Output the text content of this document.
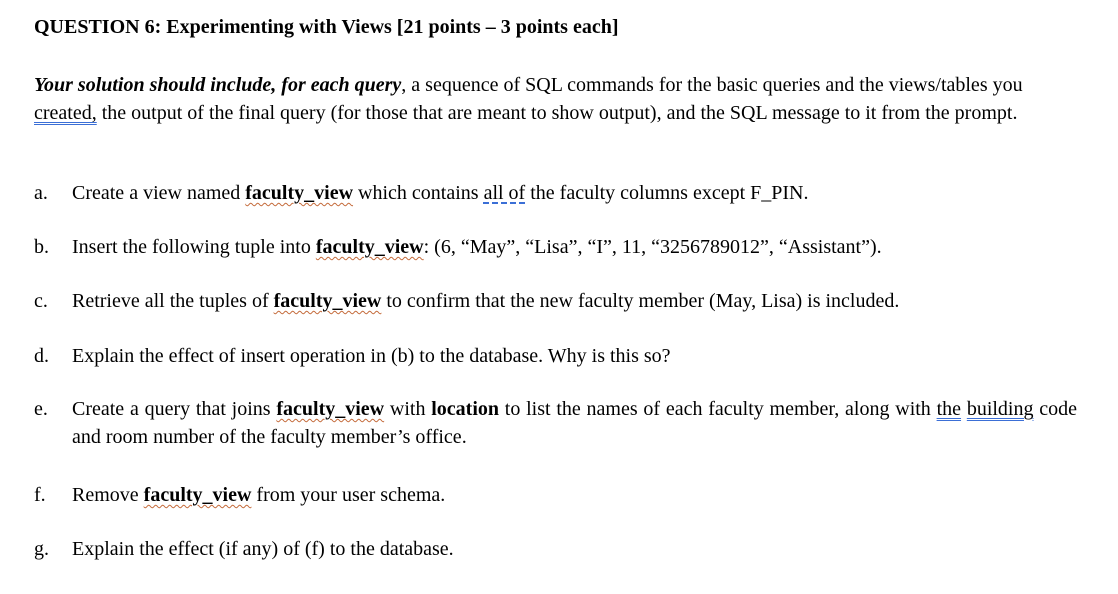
QUESTION 6: Experimenting with Views [21 points – 3 points each]
Your solution should include, for each query, a sequence of SQL commands for the basic queries and the views/tables you created, the output of the final query (for those that are meant to show output), and the SQL message to it from the prompt.
a.	Create a view named faculty_view which contains all of the faculty columns except F_PIN.
b.	Insert the following tuple into faculty_view: (6, “May”, “Lisa”, “I”, 11, “3256789012”, “Assistant”).
c.	Retrieve all the tuples of faculty_view to confirm that the new faculty member (May, Lisa) is included.
d.	Explain the effect of insert operation in (b) to the database. Why is this so?
e.	Create a query that joins faculty_view with location to list the names of each faculty member, along with the building code and room number of the faculty member’s office.
f.	Remove faculty_view from your user schema.
g.	Explain the effect (if any) of (f) to the database.
